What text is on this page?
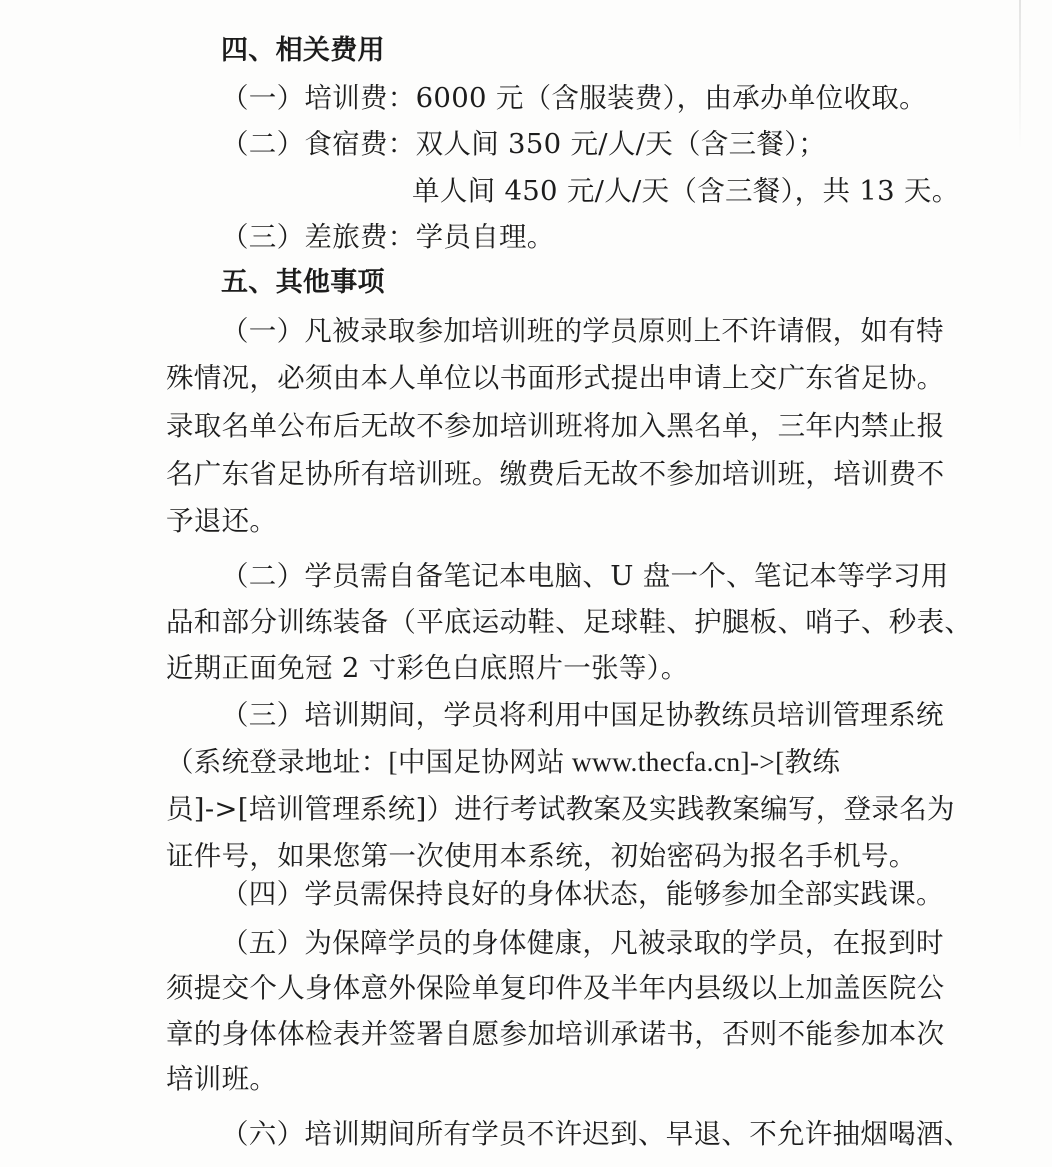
四、相关费用
（一）培训费：6000 元（含服装费），由承办单位收取。
（二）食宿费：双人间 350 元/人/天（含三餐）；
单人间 450 元/人/天（含三餐），共 13 天。
（三）差旅费：学员自理。
五、其他事项
（一）凡被录取参加培训班的学员原则上不许请假，如有特
殊情况，必须由本人单位以书面形式提出申请上交广东省足协。
录取名单公布后无故不参加培训班将加入黑名单，三年内禁止报
名广东省足协所有培训班。缴费后无故不参加培训班，培训费不
予退还。
（二）学员需自备笔记本电脑、U 盘一个、笔记本等学习用
品和部分训练装备（平底运动鞋、足球鞋、护腿板、哨子、秒表、
近期正面免冠 2 寸彩色白底照片一张等）。
（三）培训期间，学员将利用中国足协教练员培训管理系统
（系统登录地址：[中国足协网站 www.thecfa.cn]->[教练
员]->[培训管理系统]）进行考试教案及实践教案编写，登录名为
证件号，如果您第一次使用本系统，初始密码为报名手机号。
（四）学员需保持良好的身体状态，能够参加全部实践课。
（五）为保障学员的身体健康，凡被录取的学员，在报到时
须提交个人身体意外保险单复印件及半年内县级以上加盖医院公
章的身体体检表并签署自愿参加培训承诺书，否则不能参加本次
培训班。
（六）培训期间所有学员不许迟到、早退、不允许抽烟喝酒、
